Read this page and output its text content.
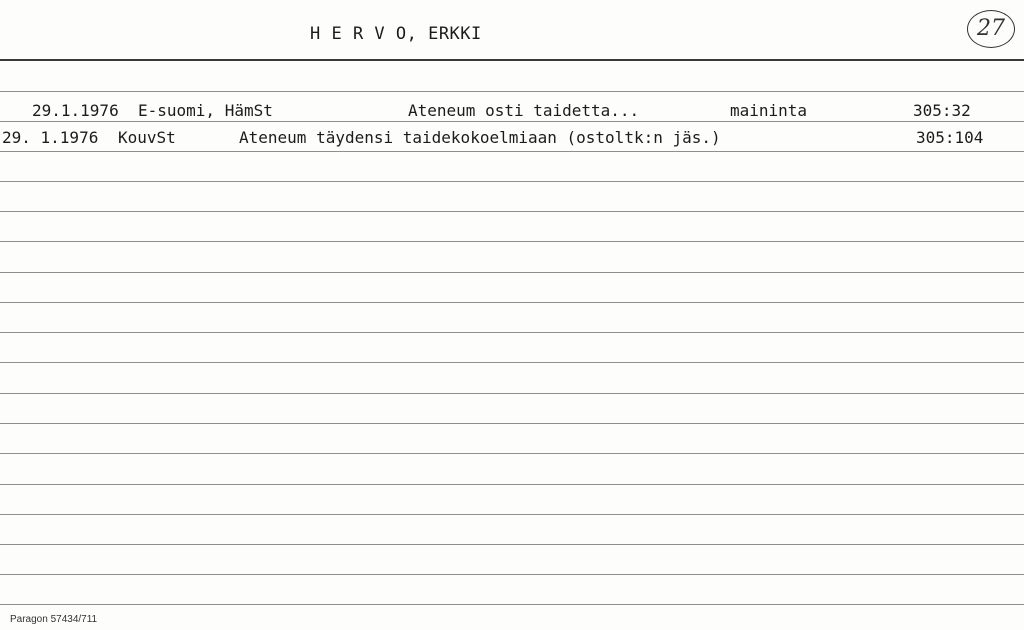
H E R V O, ERKKI	27
29.1.1976 E-suomi, HämSt	Ateneum osti taidetta...	maininta	305:32
29. 1.1976 KouvSt	Ateneum täydensi taidekokoelmiaan (ostoltk:n jäs.)	305:104
Paragon 57434/711
